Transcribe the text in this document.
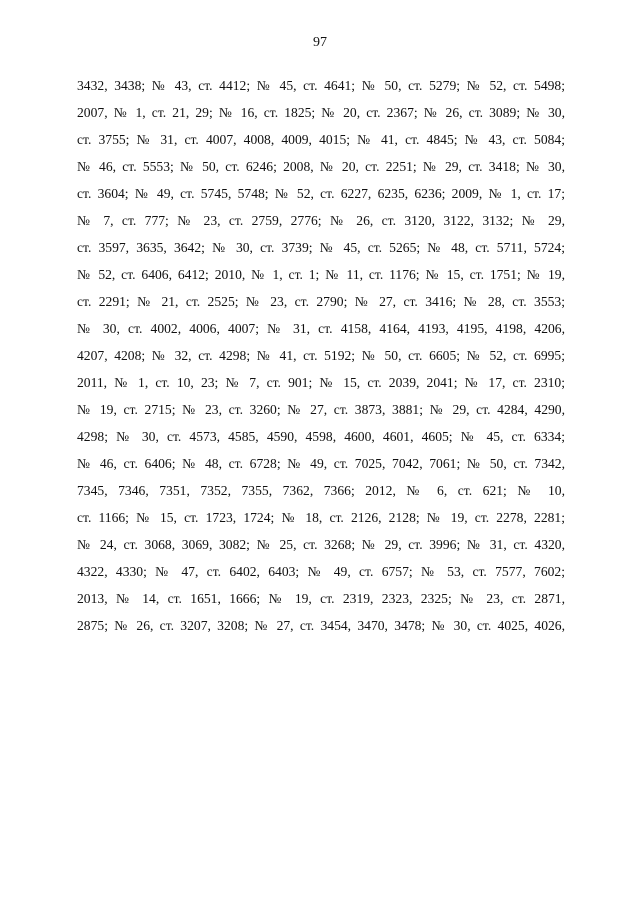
97
3432, 3438; № 43, ст. 4412; № 45, ст. 4641; № 50, ст. 5279; № 52, ст. 5498;
2007, № 1, ст. 21, 29; № 16, ст. 1825; № 20, ст. 2367; № 26, ст. 3089; № 30,
ст. 3755; № 31, ст. 4007, 4008, 4009, 4015; № 41, ст. 4845; № 43, ст. 5084;
№ 46, ст. 5553; № 50, ст. 6246; 2008, № 20, ст. 2251; № 29, ст. 3418; № 30,
ст. 3604; № 49, ст. 5745, 5748; № 52, ст. 6227, 6235, 6236; 2009, № 1, ст. 17;
№ 7, ст. 777; № 23, ст. 2759, 2776; № 26, ст. 3120, 3122, 3132; № 29,
ст. 3597, 3635, 3642; № 30, ст. 3739; № 45, ст. 5265; № 48, ст. 5711, 5724;
№ 52, ст. 6406, 6412; 2010, № 1, ст. 1; № 11, ст. 1176; № 15, ст. 1751; № 19,
ст. 2291; № 21, ст. 2525; № 23, ст. 2790; № 27, ст. 3416; № 28, ст. 3553;
№ 30, ст. 4002, 4006, 4007; № 31, ст. 4158, 4164, 4193, 4195, 4198, 4206,
4207, 4208; № 32, ст. 4298; № 41, ст. 5192; № 50, ст. 6605; № 52, ст. 6995;
2011, № 1, ст. 10, 23; № 7, ст. 901; № 15, ст. 2039, 2041; № 17, ст. 2310;
№ 19, ст. 2715; № 23, ст. 3260; № 27, ст. 3873, 3881; № 29, ст. 4284, 4290,
4298; № 30, ст. 4573, 4585, 4590, 4598, 4600, 4601, 4605; № 45, ст. 6334;
№ 46, ст. 6406; № 48, ст. 6728; № 49, ст. 7025, 7042, 7061; № 50, ст. 7342,
7345, 7346, 7351, 7352, 7355, 7362, 7366; 2012, № 6, ст. 621; № 10,
ст. 1166; № 15, ст. 1723, 1724; № 18, ст. 2126, 2128; № 19, ст. 2278, 2281;
№ 24, ст. 3068, 3069, 3082; № 25, ст. 3268; № 29, ст. 3996; № 31, ст. 4320,
4322, 4330; № 47, ст. 6402, 6403; № 49, ст. 6757; № 53, ст. 7577, 7602;
2013, № 14, ст. 1651, 1666; № 19, ст. 2319, 2323, 2325; № 23, ст. 2871,
2875; № 26, ст. 3207, 3208; № 27, ст. 3454, 3470, 3478; № 30, ст. 4025, 4026,
